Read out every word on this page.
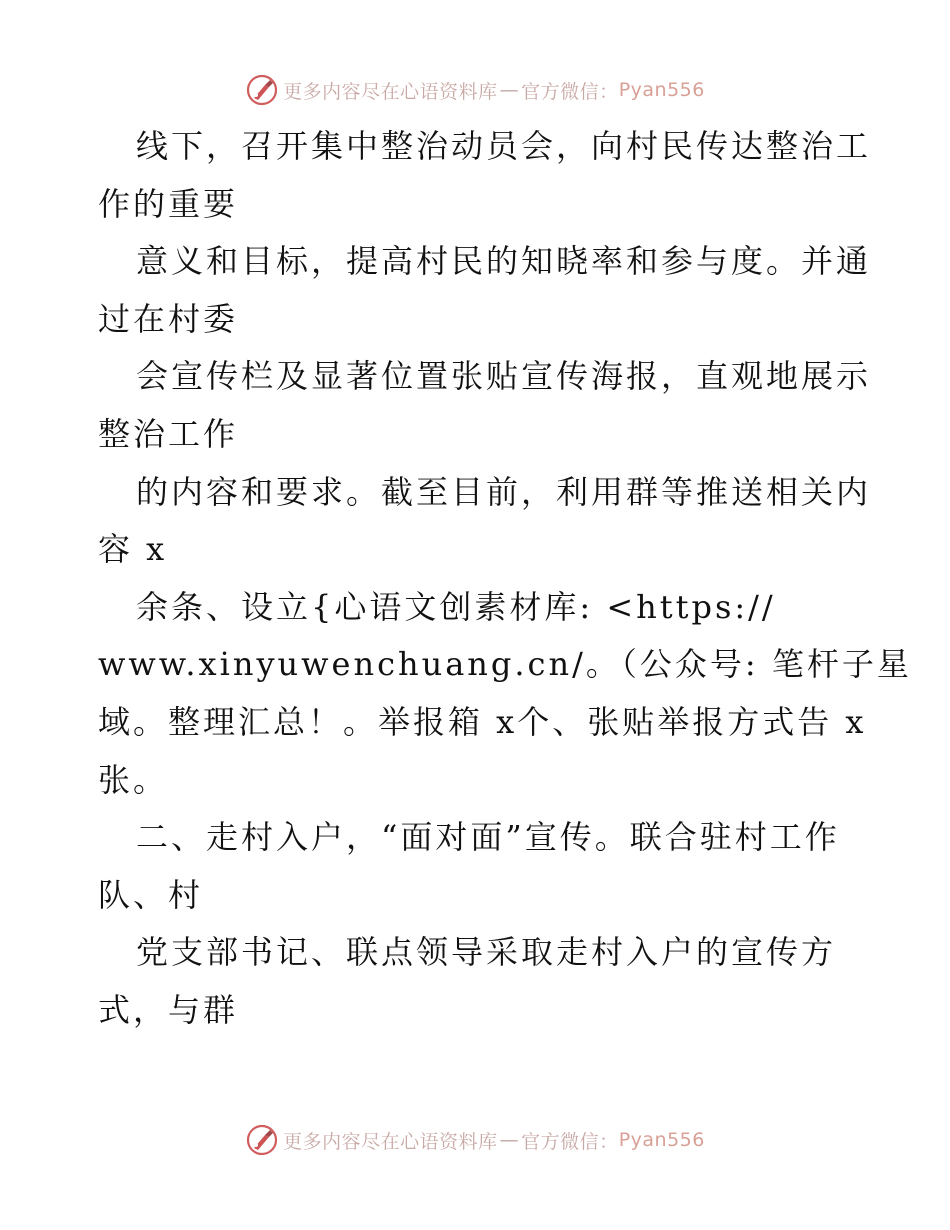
更多内容尽在心语资料库 — 官方微信： Pyan556
线下，召开集中整治动员会，向村民传达整治工
作的重要
意义和目标，提高村民的知晓率和参与度。并通
过在村委
会宣传栏及显著位置张贴宣传海报，直观地展示
整治工作
的内容和要求。截至目前，利用群等推送相关内
容 x
余条、设立{心语文创素材库: <https://
www.xinyuwenchuang.cn/。（公众号: 笔杆子星
域。整理汇总！。举报箱 x个、张贴举报方式告 x
张。
二、走村入户，“面对面”宣传。联合驻村工作
队、村
党支部书记、联点领导采取走村入户的宣传方
式，与群
更多内容尽在心语资料库 — 官方微信： Pyan556
